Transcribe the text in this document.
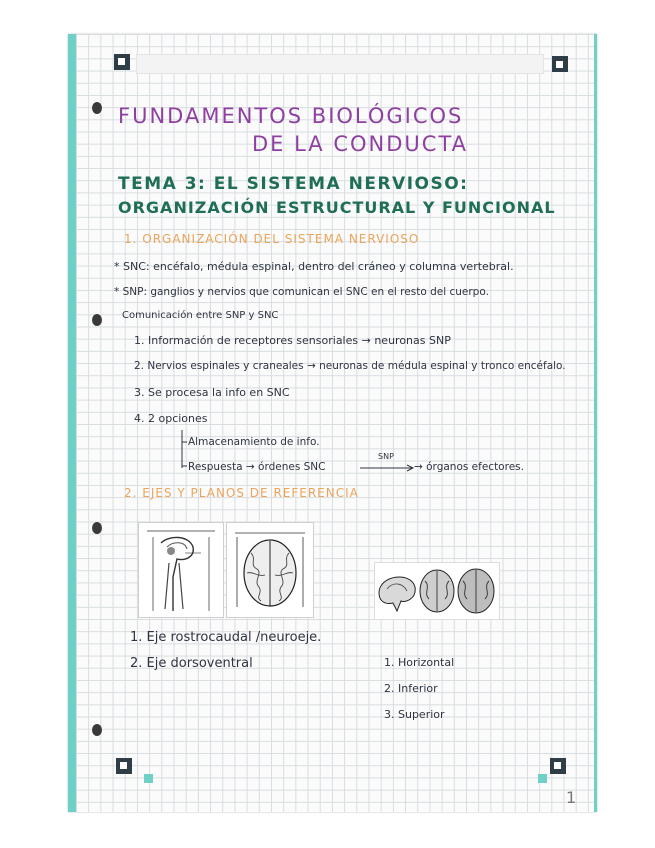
FUNDAMENTOS BIOLÓGICOS
DE LA CONDUCTA
TEMA 3: EL SISTEMA NERVIOSO:
ORGANIZACIÓN ESTRUCTURAL Y FUNCIONAL
1. ORGANIZACIÓN DEL SISTEMA NERVIOSO
* SNC: encéfalo, médula espinal, dentro del cráneo y columna vertebral.
* SNP: ganglios y nervios que comunican el SNC en el resto del cuerpo.
Comunicación entre SNP y SNC
1. Información de receptores sensoriales → neuronas SNP
2. Nervios espinales y craneales → neuronas de médula espinal y tronco encéfalo.
3. Se procesa la info en SNC
4. 2 opciones
Almacenamiento de info.
Respuesta → órdenes SNC
SNP
→ órganos efectores.
2. EJES Y PLANOS DE REFERENCIA
1. Eje rostrocaudal /neuroeje.
2. Eje dorsoventral	1. Horizontal
2. Inferior
3. Superior
1
